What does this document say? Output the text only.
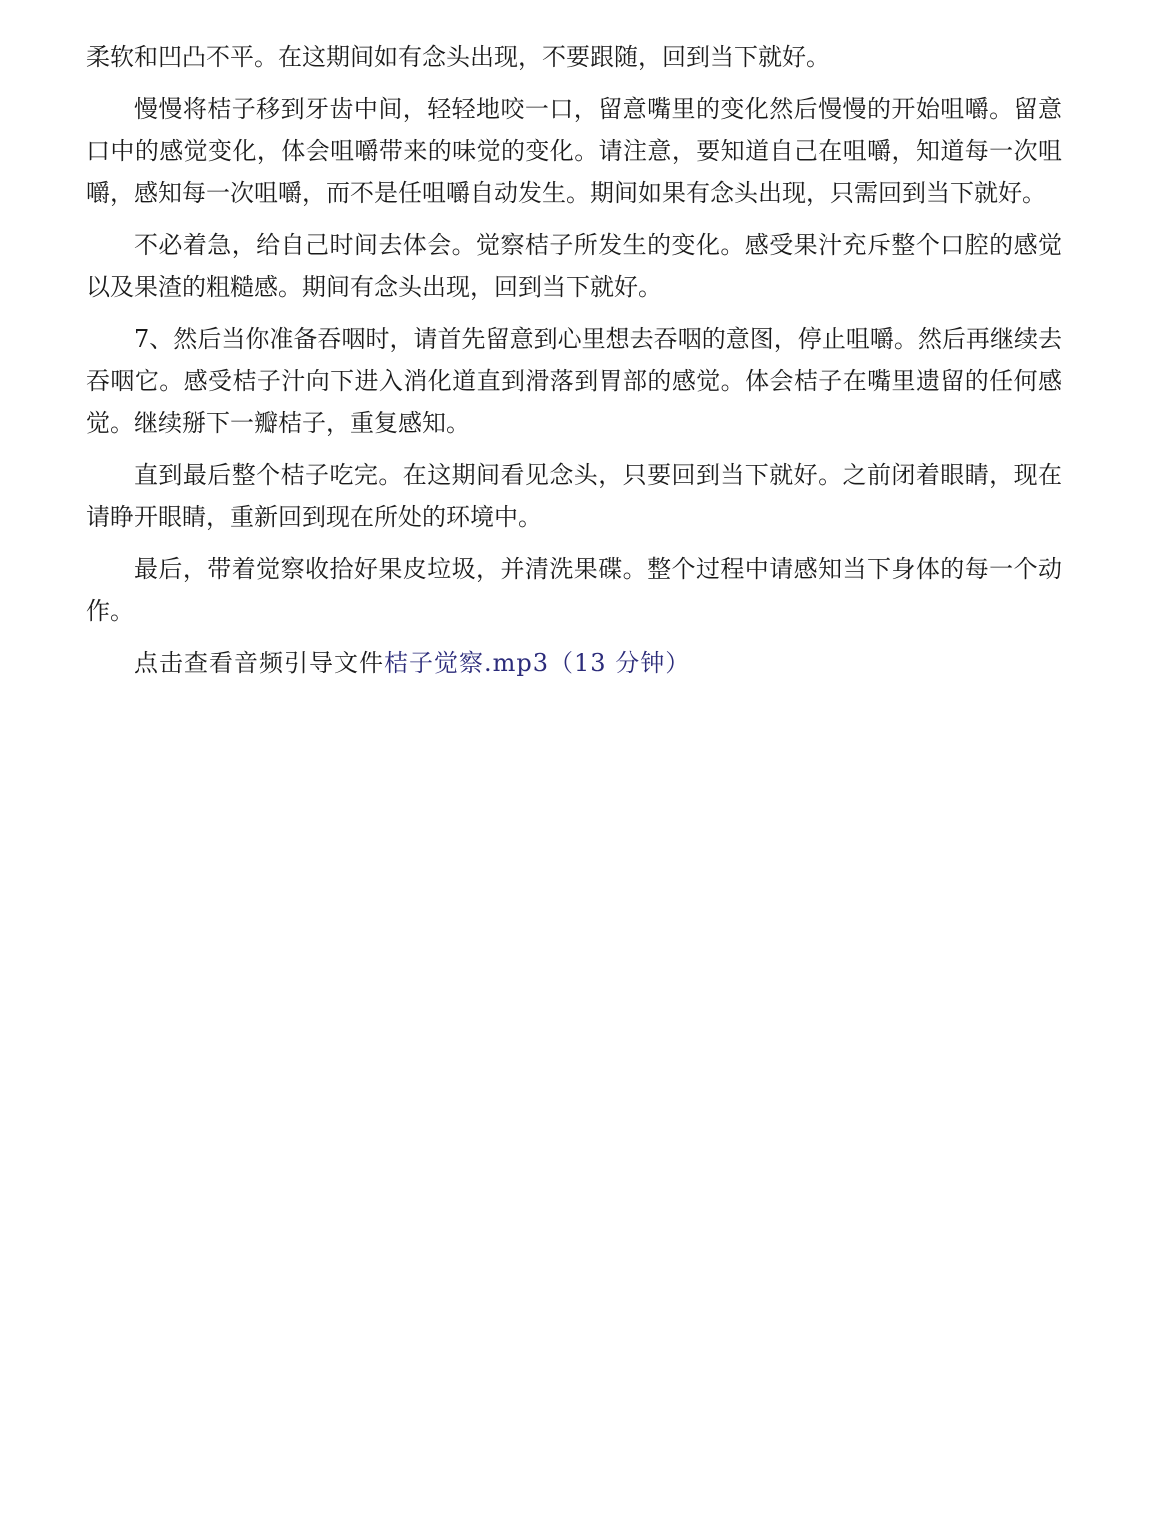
柔软和凹凸不平。在这期间如有念头出现，不要跟随，回到当下就好。

慢慢将桔子移到牙齿中间，轻轻地咬一口，留意嘴里的变化然后慢慢的开始咀嚼。留意口中的感觉变化，体会咀嚼带来的味觉的变化。请注意，要知道自己在咀嚼，知道每一次咀嚼，感知每一次咀嚼，而不是任咀嚼自动发生。期间如果有念头出现，只需回到当下就好。

不必着急，给自己时间去体会。觉察桔子所发生的变化。感受果汁充斥整个口腔的感觉以及果渣的粗糙感。期间有念头出现，回到当下就好。

7、然后当你准备吞咽时，请首先留意到心里想去吞咽的意图，停止咀嚼。然后再继续去吞咽它。感受桔子汁向下进入消化道直到滑落到胃部的感觉。体会桔子在嘴里遗留的任何感觉。继续掰下一瓣桔子，重复感知。

直到最后整个桔子吃完。在这期间看见念头，只要回到当下就好。之前闭着眼睛，现在请睁开眼睛，重新回到现在所处的环境中。

最后，带着觉察收拾好果皮垃圾，并清洗果碟。整个过程中请感知当下身体的每一个动作。

点击查看音频引导文件桔子觉察.mp3（13 分钟）
